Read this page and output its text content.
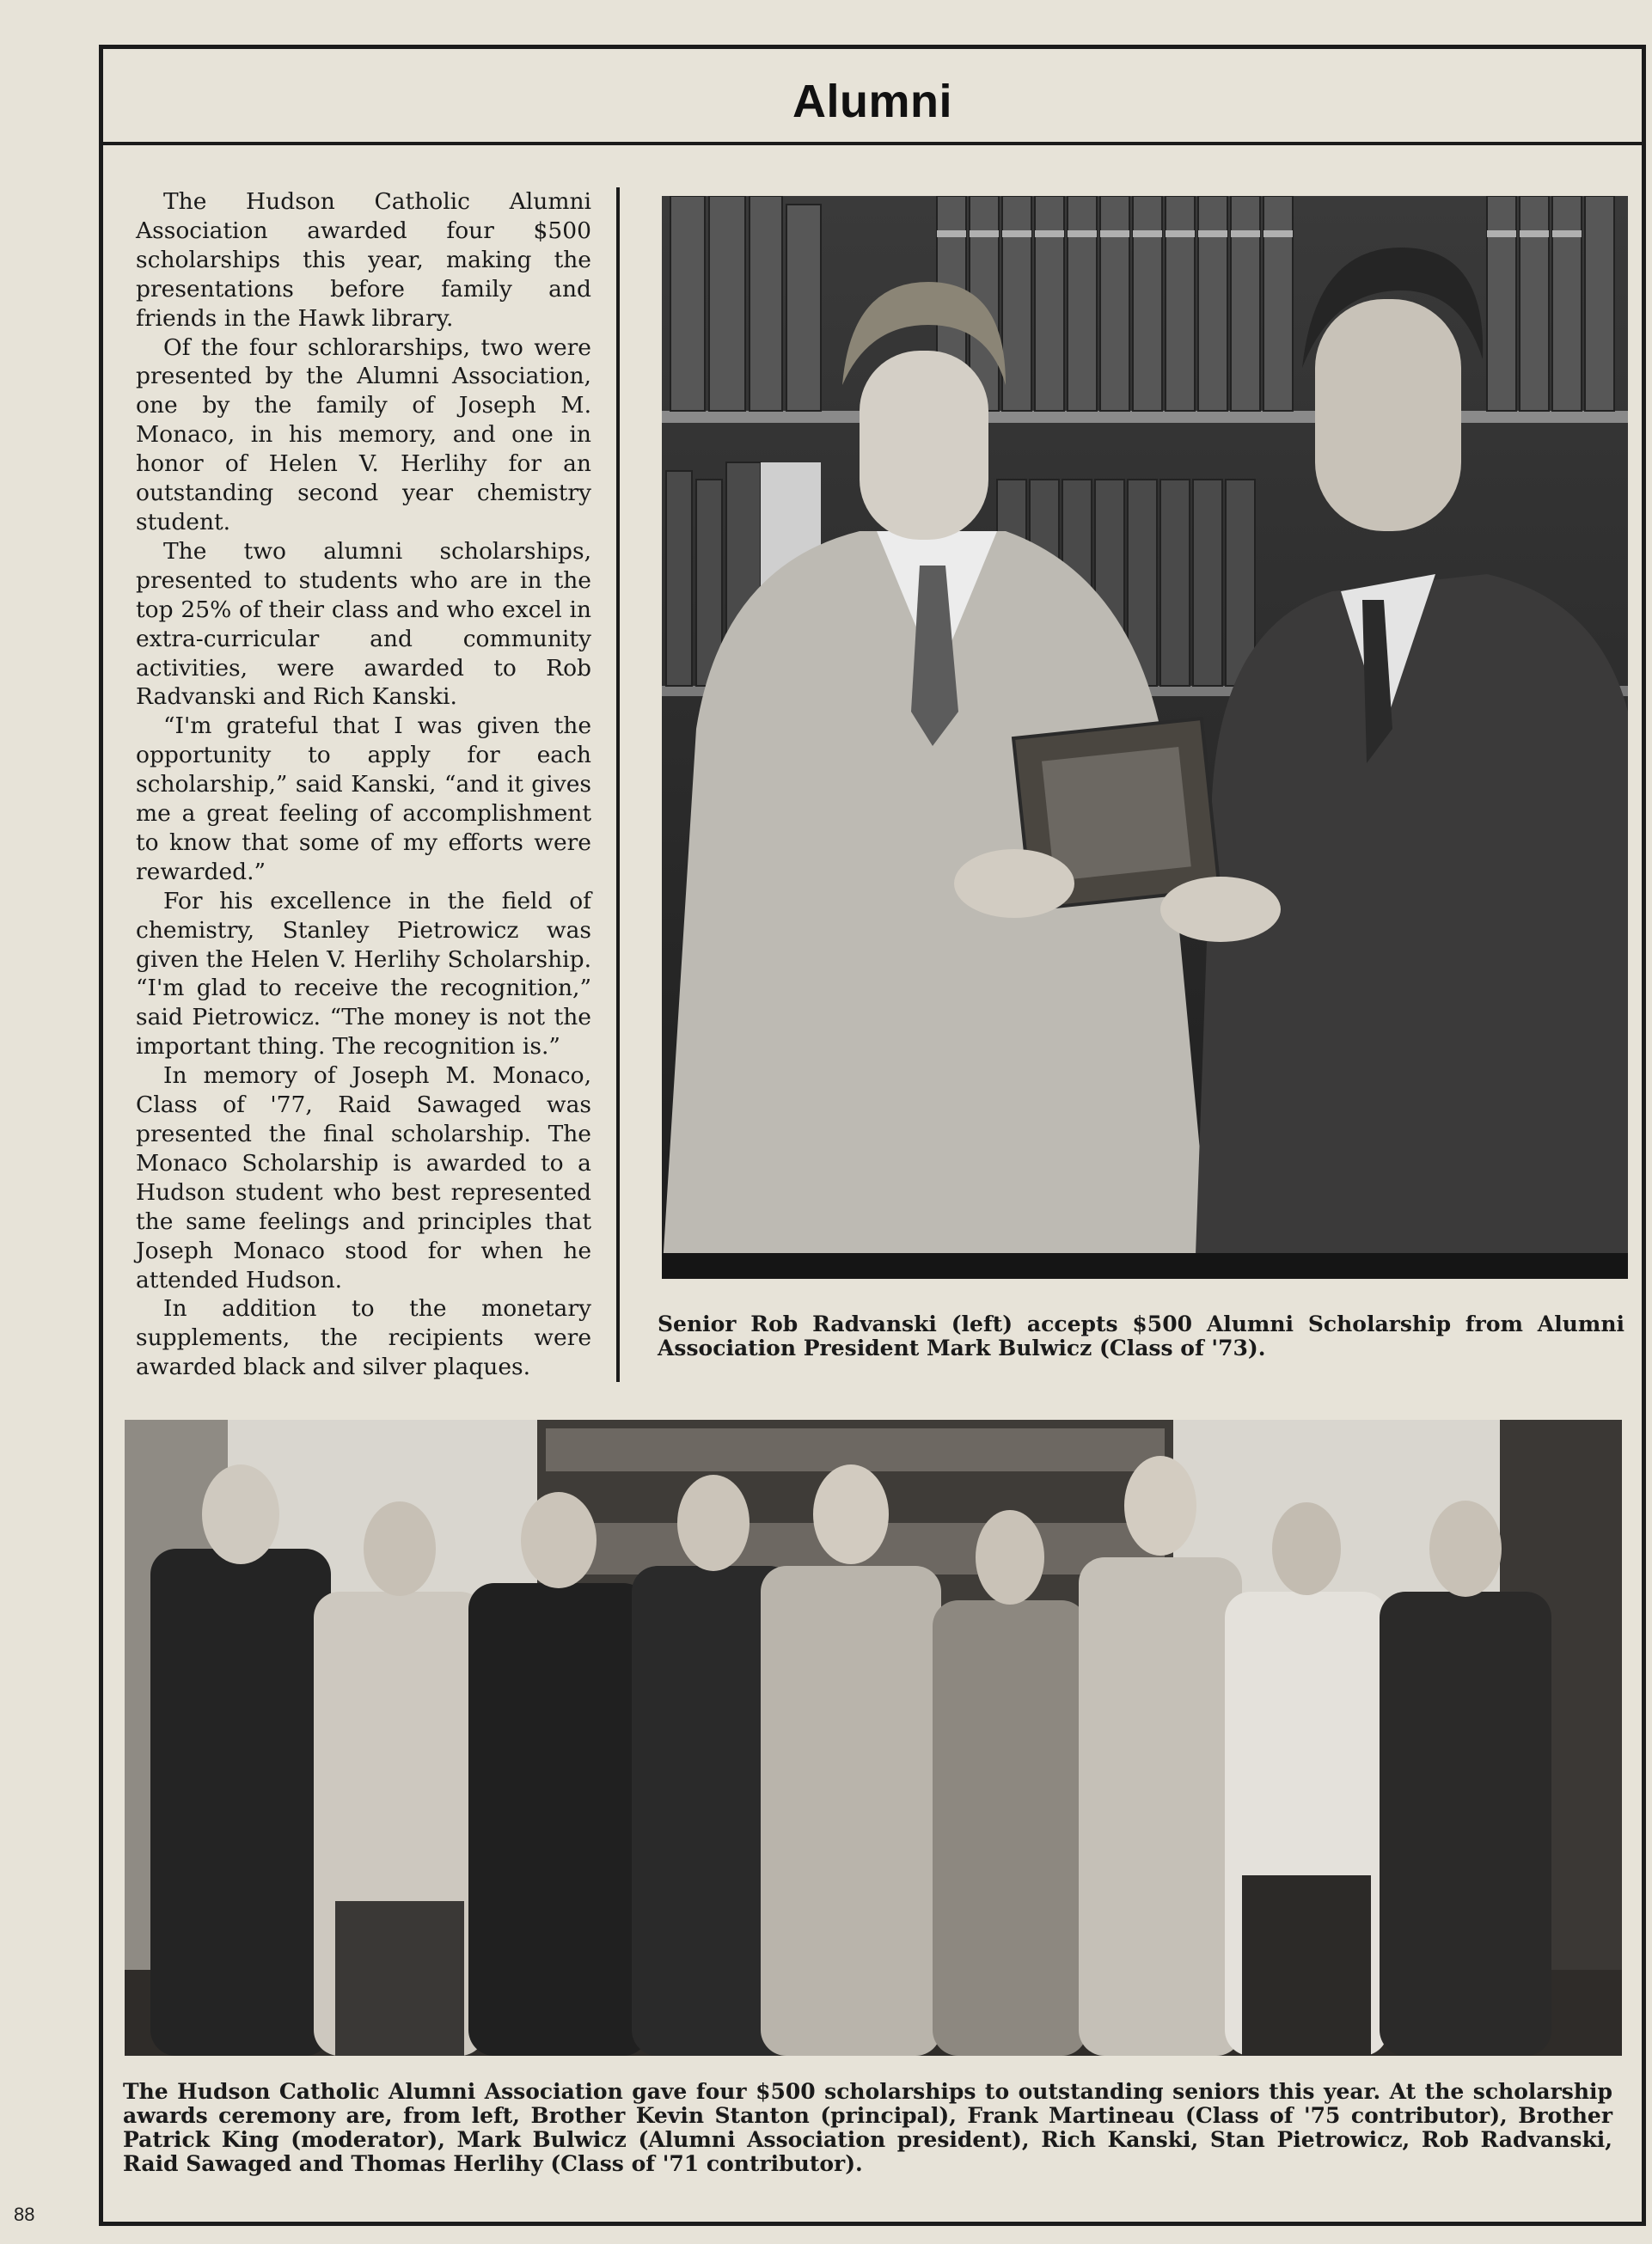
Alumni

The Hudson Catholic Alumni Association awarded four $500 scholarships this year, making the presentations before family and friends in the Hawk library.

Of the four schlorarships, two were presented by the Alumni Association, one by the family of Joseph M. Monaco, in his memory, and one in honor of Helen V. Herlihy for an outstanding second year chemistry student.

The two alumni scholarships, presented to students who are in the top 25% of their class and who excel in extra-curricular and community activities, were awarded to Rob Radvanski and Rich Kanski.

“I'm grateful that I was given the opportunity to apply for each scholarship,” said Kanski, “and it gives me a great feeling of accomplishment to know that some of my efforts were rewarded.”

For his excellence in the field of chemistry, Stanley Pietrowicz was given the Helen V. Herlihy Scholarship. “I'm glad to receive the recognition,” said Pietrowicz. “The money is not the important thing. The recognition is.”

In memory of Joseph M. Monaco, Class of '77, Raid Sawaged was presented the final scholarship. The Monaco Scholarship is awarded to a Hudson student who best represented the same feelings and principles that Joseph Monaco stood for when he attended Hudson.

In addition to the monetary supplements, the recipients were awarded black and silver plaques.

Senior Rob Radvanski (left) accepts $500 Alumni Scholarship from Alumni Association President Mark Bulwicz (Class of '73).
The Hudson Catholic Alumni Association gave four $500 scholarships to outstanding seniors this year. At the scholarship awards ceremony are, from left, Brother Kevin Stanton (principal), Frank Martineau (Class of '75 contributor), Brother Patrick King (moderator), Mark Bulwicz (Alumni Association president), Rich Kanski, Stan Pietrowicz, Rob Radvanski, Raid Sawaged and Thomas Herlihy (Class of '71 contributor).
88
